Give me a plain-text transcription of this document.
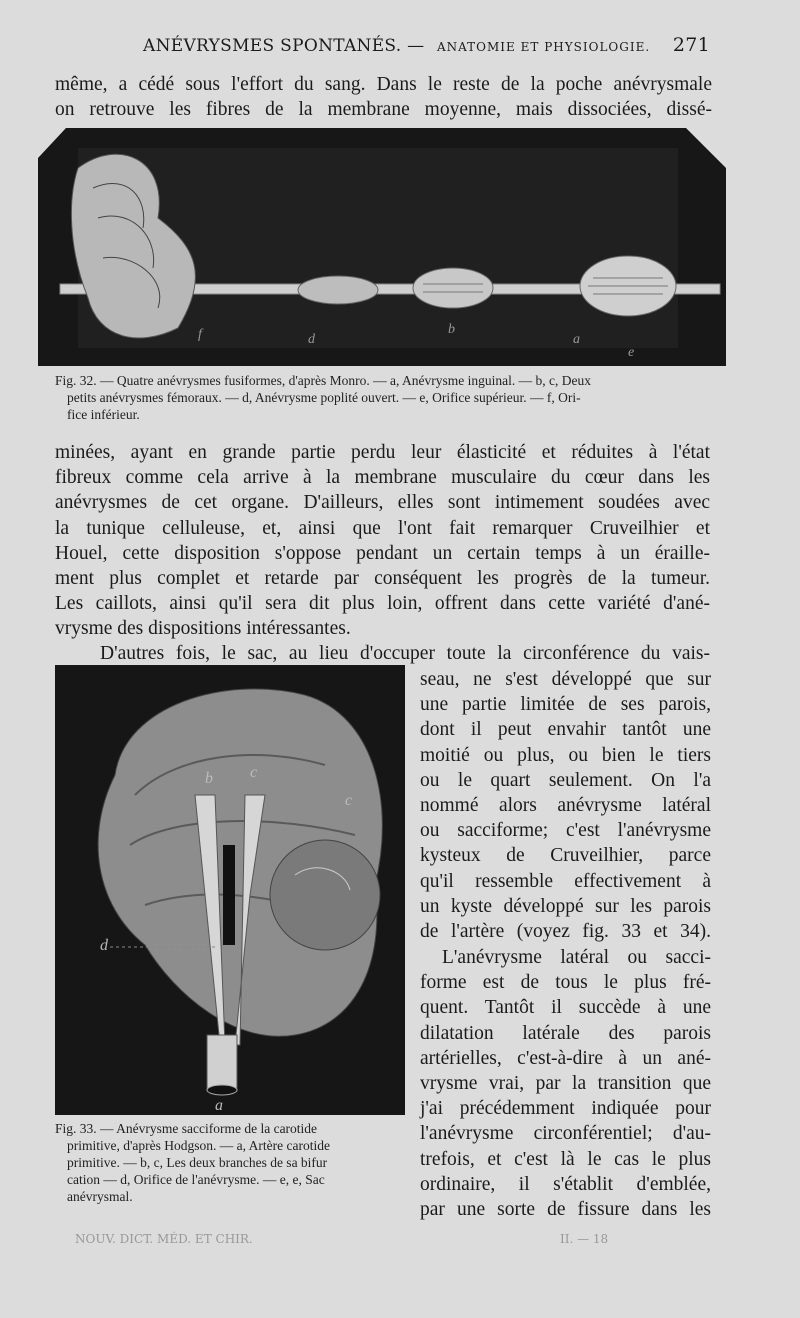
ANÉVRYSMES SPONTANÉS. — ANATOMIE ET PHYSIOLOGIE. 271
même, a cédé sous l'effort du sang. Dans le reste de la poche anévrysmale
on retrouve les fibres de la membrane moyenne, mais dissociées, dissé-
f	d
b
a
e
Fig. 32. — Quatre anévrysmes fusiformes, d'après Monro. — a, Anévrysme inguinal. — b, c, Deux
petits anévrysmes fémoraux. — d, Anévrysme poplité ouvert. — e, Orifice supérieur. — f, Ori-
fice inférieur.
minées, ayant en grande partie perdu leur élasticité et réduites à l'état
fibreux comme cela arrive à la membrane musculaire du cœur dans les
anévrysmes de cet organe. D'ailleurs, elles sont intimement soudées avec
la tunique celluleuse, et, ainsi que l'ont fait remarquer Cruveilhier et
Houel, cette disposition s'oppose pendant un certain temps à un éraille-
ment plus complet et retarde par conséquent les progrès de la tumeur.
Les caillots, ainsi qu'il sera dit plus loin, offrent dans cette variété d'ané-
vrysme des dispositions intéressantes.
D'autres fois, le sac, au lieu d'occuper toute la circonférence du vais-
b c
c
d
a
seau, ne s'est développé que sur
une partie limitée de ses parois,
dont il peut envahir tantôt une
moitié ou plus, ou bien le tiers
ou le quart seulement. On l'a
nommé alors anévrysme latéral
ou sacciforme; c'est l'anévrysme
kysteux de Cruveilhier, parce
qu'il ressemble effectivement à
un kyste développé sur les parois
de l'artère (voyez fig. 33 et 34).
L'anévrysme latéral ou sacci-
forme est de tous le plus fré-
quent. Tantôt il succède à une
dilatation latérale des parois
artérielles, c'est-à-dire à un ané-
vrysme vrai, par la transition que
j'ai précédemment indiquée pour
l'anévrysme circonférentiel; d'au-
trefois, et c'est là le cas le plus
ordinaire, il s'établit d'emblée,
par une sorte de fissure dans les
Fig. 33. — Anévrysme sacciforme de la carotide
primitive, d'après Hodgson. — a, Artère carotide
primitive. — b, c, Les deux branches de sa bifur
cation — d, Orifice de l'anévrysme. — e, e, Sac
anévrysmal.
NOUV. DICT. MÉD. ET CHIR.	II. — 18
